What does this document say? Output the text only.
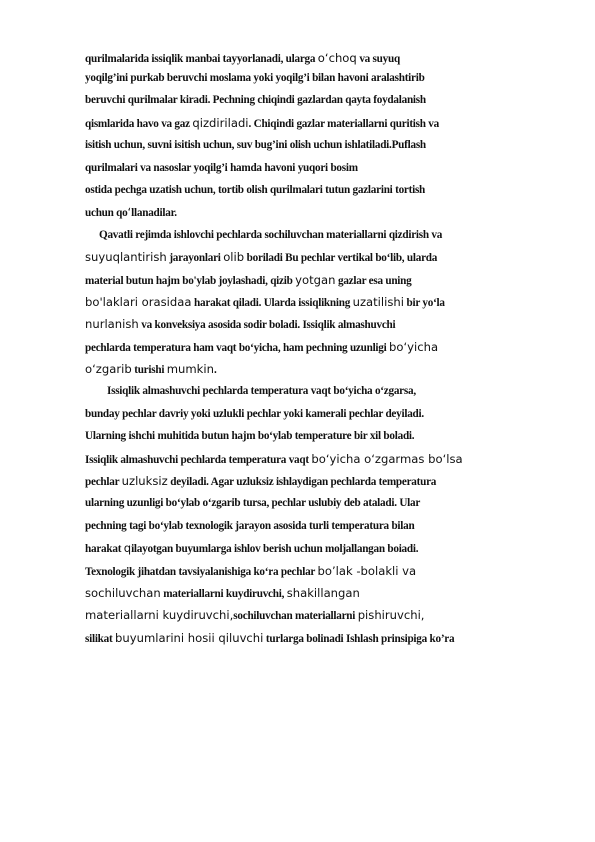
qurilmalarida issiqlik manbai tayyorlanadi, ularga o‘choq va suyuq
yoqilg’ini purkab beruvchi moslama yoki yoqilg’i bilan havoni aralashtirib
beruvchi qurilmalar kiradi. Pechning chiqindi gazlardan qayta foydalanish
qismlarida havo va gaz qizdiriladi. Chiqindi gazlar materiallarni quritish va
isitish uchun, suvni isitish uchun, suv bug’ini olish uchun ishlatiladi.Puflash
qurilmalari va nasoslar yoqilg’i hamda havoni yuqori bosim
ostida pechga uzatish uchun, tortib olish qurilmalari tutun gazlarini tortish
uchun qoʻllanadilar.
Qavatli rejimda ishlovchi pechlarda sochiluvchan materiallarni qizdirish va
suyuqlantirish jarayonlari olib boriladi Bu pechlar vertikal bo‘lib, ularda
material butun hajm bo'ylab joylashadi, qizib yotgan gazlar esa uning
bo'laklari orasidaa harakat qiladi. Ularda issiqlikning uzatilishi bir yo‘la
nurlanish va konveksiya asosida sodir boladi. Issiqlik almashuvchi
pechlarda temperatura ham vaqt bo‘yicha, ham pechning uzunligi bo‘yicha
o‘zgarib turishi mumkin.
Issiqlik almashuvchi pechlarda temperatura vaqt bo‘yicha o‘zgarsa,
bunday pechlar davriy yoki uzlukli pechlar yoki kamerali pechlar deyiladi.
Ularning ishchi muhitida butun hajm bo‘ylab temperature bir xil boladi.
Issiqlik almashuvchi pechlarda temperatura vaqt bo‘yicha o‘zgarmas bo‘lsa
pechlar uzluksiz deyiladi. Agar uzluksiz ishlaydigan pechlarda temperatura
ularning uzunligi bo‘ylab o‘zgarib tursa, pechlar uslubiy deb ataladi. Ular
pechning tagi bo‘ylab texnologik jarayon asosida turli temperatura bilan
harakat qilayotgan buyumlarga ishlov berish uchun moljallangan boiadi.
Texnologik jihatdan tavsiyalanishiga ko‘ra pechlar bo’lak -bolakli va
sochiluvchan materiallarni kuydiruvchi, shakillangan
materiallarni kuydiruvchi,sochiluvchan materiallarni pishiruvchi,
silikat buyumlarini hosii qiluvchi turlarga bolinadi Ishlash prinsipiga ko’ra
